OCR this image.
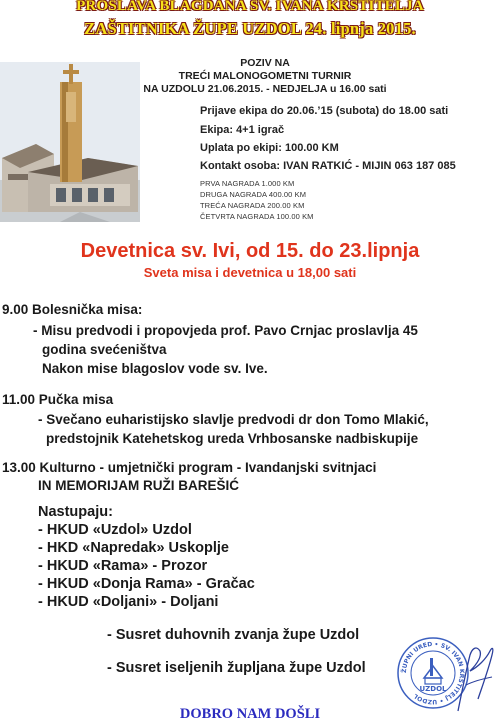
PROSLAVA BLAGDANA SV. IVANA KRSTITELJA
ZAŠTITNIKA ŽUPE UZDOL 24. lipnja 2015.
POZIV NA
TREĆI MALONOGOMETNI TURNIR
NA UZDOLU 21.06.2015. - NEDJELJA u 16.00 sati
Prijave ekipa do 20.06.’15 (subota) do 18.00 sati
Ekipa: 4+1 igrač
Uplata po ekipi: 100.00 KM
Kontakt osoba: IVAN RATKIĆ - MIJIN 063 187 085
PRVA NAGRADA 1.000 KM
DRUGA NAGRADA 400.00 KM
TREĆA NAGRADA 200.00 KM
ČETVRTA NAGRADA 100.00 KM
Devetnica sv. Ivi, od 15. do 23.lipnja
Sveta misa i devetnica u 18,00 sati
9.00 Bolesnička misa:
- Misu predvodi i propovjeda prof. Pavo Crnjac proslavlja 45
godina svećeništva
Nakon mise blagoslov vode sv. Ive.
11.00 Pučka misa
- Svečano euharistijsko slavlje predvodi dr don Tomo Mlakić,
predstojnik Katehetskog ureda Vrhbosanske nadbiskupije
13.00 Kulturno - umjetnički program - Ivandanjski svitnjaci
IN MEMORIJAM RUŽI BAREŠIĆ
Nastupaju:
- HKUD «Uzdol» Uzdol
- HKD «Napredak» Uskoplje
- HKUD «Rama» - Prozor
- HKUD «Donja Rama» - Gračac
- HKUD «Doljani» - Doljani
- Susret duhovnih zvanja župe Uzdol
- Susret iseljenih župljana župe Uzdol	ŽUPNI URED • SV. IVAN KRSTITELJ • UZDOL
UZDOL
DOBRO NAM DOŠLI
